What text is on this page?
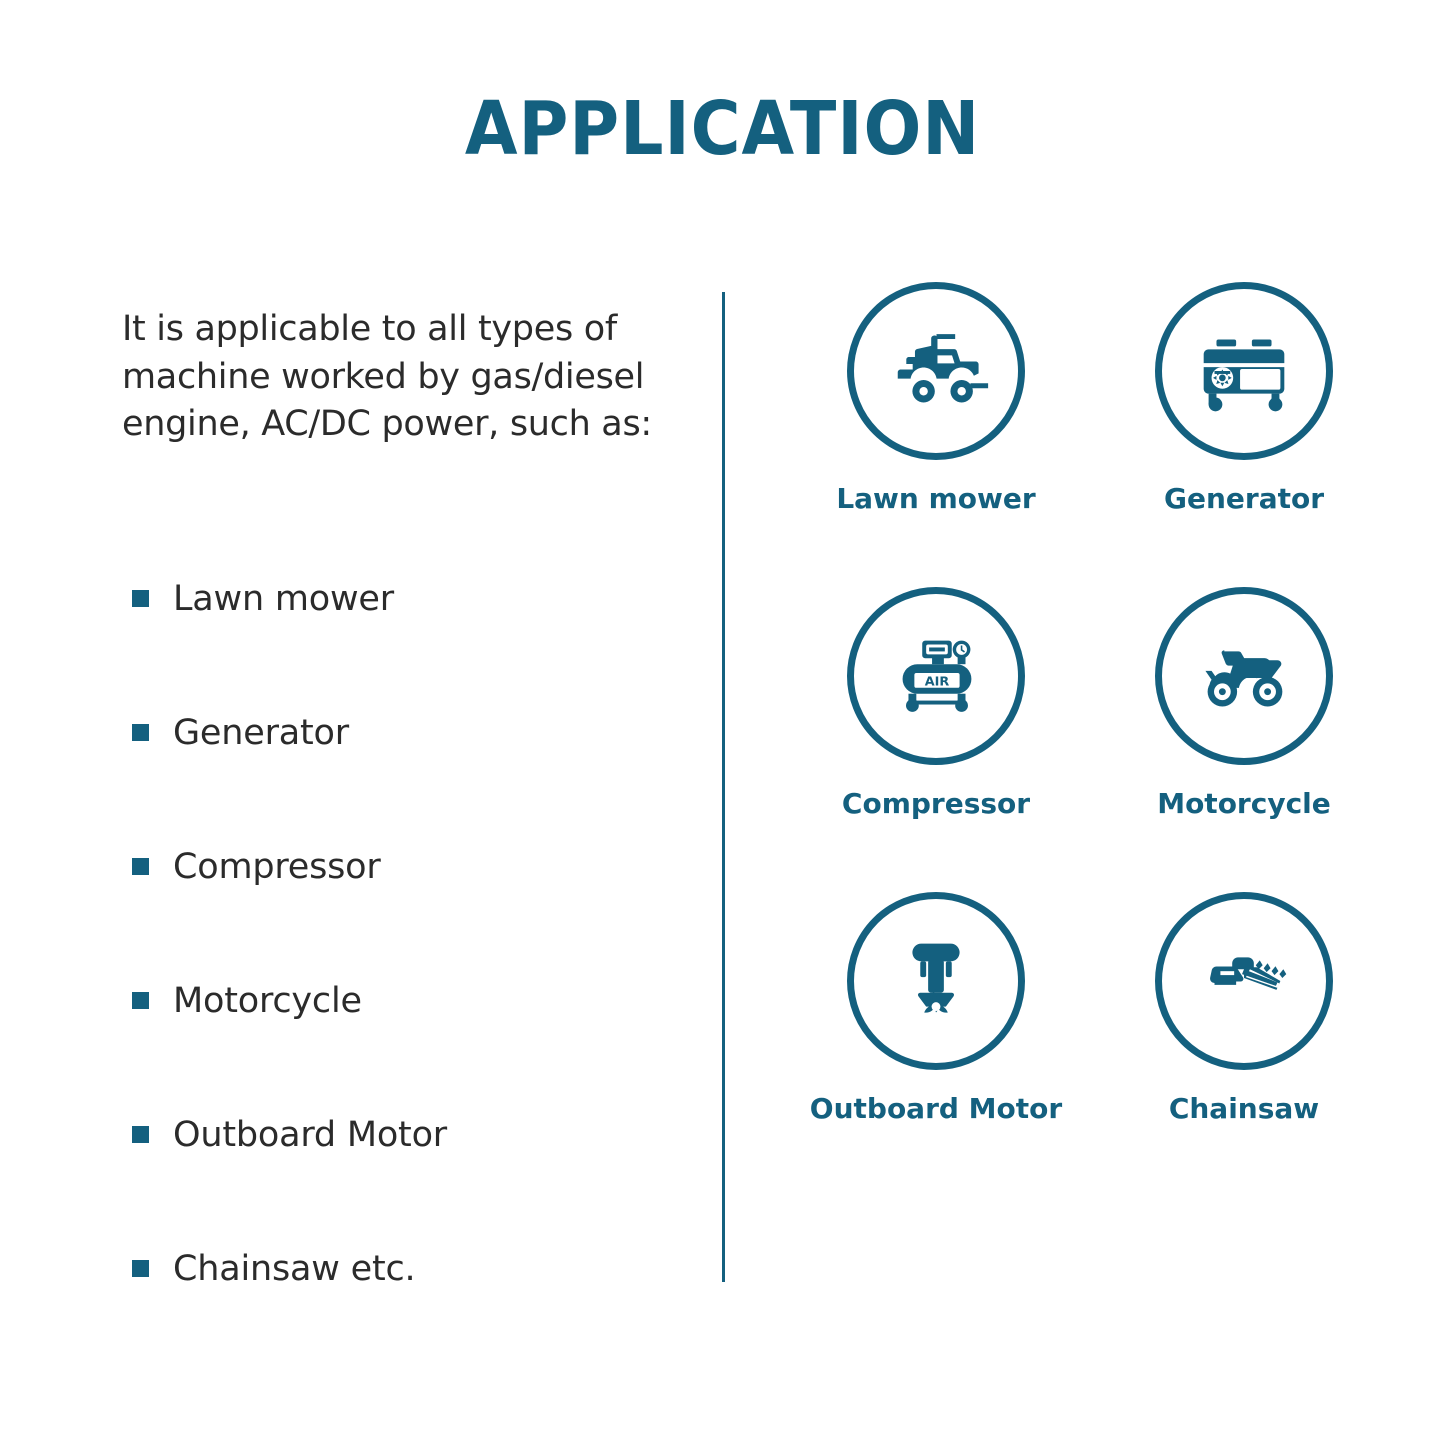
APPLICATION
It is applicable to all types of machine worked by gas/diesel engine, AC/DC power, such as:
Lawn mower
Generator
Compressor
Motorcycle
Outboard Motor
Chainsaw etc.
Lawn mower	Generator
AIR
Compressor	Motorcycle
Outboard Motor	Chainsaw
